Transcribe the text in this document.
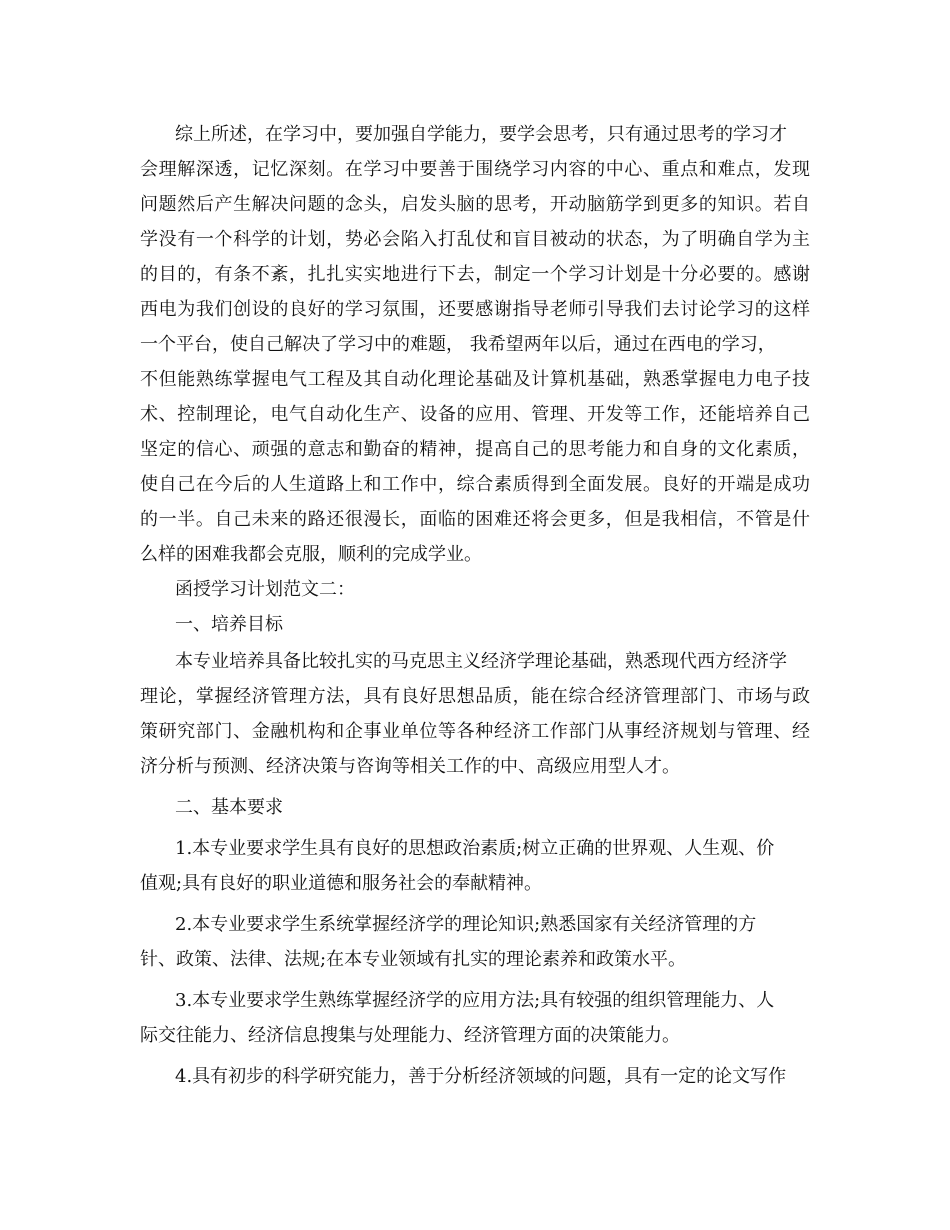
综上所述，在学习中，要加强自学能力，要学会思考，只有通过思考的学习才
会理解深透，记忆深刻。在学习中要善于围绕学习内容的中心、重点和难点，发现
问题然后产生解决问题的念头，启发头脑的思考，开动脑筋学到更多的知识。若自
学没有一个科学的计划，势必会陷入打乱仗和盲目被动的状态，为了明确自学为主
的目的，有条不紊，扎扎实实地进行下去，制定一个学习计划是十分必要的。感谢
西电为我们创设的良好的学习氛围，还要感谢指导老师引导我们去讨论学习的这样
一个平台，使自己解决了学习中的难题， 我希望两年以后，通过在西电的学习，
不但能熟练掌握电气工程及其自动化理论基础及计算机基础，熟悉掌握电力电子技
术、控制理论，电气自动化生产、设备的应用、管理、开发等工作，还能培养自己
坚定的信心、顽强的意志和勤奋的精神，提高自己的思考能力和自身的文化素质，
使自己在今后的人生道路上和工作中，综合素质得到全面发展。良好的开端是成功
的一半。自己未来的路还很漫长，面临的困难还将会更多，但是我相信，不管是什
么样的困难我都会克服，顺利的完成学业。
函授学习计划范文二：
一、培养目标
本专业培养具备比较扎实的马克思主义经济学理论基础，熟悉现代西方经济学
理论，掌握经济管理方法，具有良好思想品质，能在综合经济管理部门、市场与政
策研究部门、金融机构和企事业单位等各种经济工作部门从事经济规划与管理、经
济分析与预测、经济决策与咨询等相关工作的中、高级应用型人才。
二、基本要求
1.本专业要求学生具有良好的思想政治素质;树立正确的世界观、人生观、价
值观;具有良好的职业道德和服务社会的奉献精神。
2.本专业要求学生系统掌握经济学的理论知识;熟悉国家有关经济管理的方
针、政策、法律、法规;在本专业领域有扎实的理论素养和政策水平。
3.本专业要求学生熟练掌握经济学的应用方法;具有较强的组织管理能力、人
际交往能力、经济信息搜集与处理能力、经济管理方面的决策能力。
4.具有初步的科学研究能力，善于分析经济领域的问题，具有一定的论文写作
